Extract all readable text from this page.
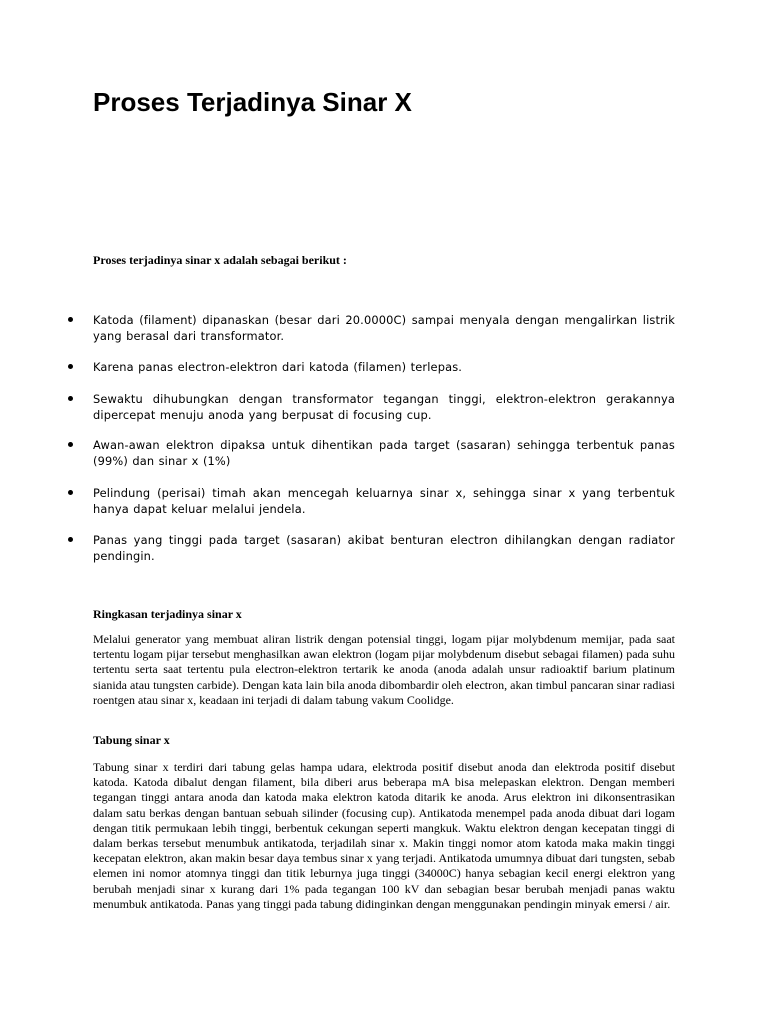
Proses Terjadinya Sinar X

Proses terjadinya sinar x adalah sebagai berikut :

Katoda (filament) dipanaskan (besar dari 20.0000C) sampai menyala dengan mengalirkan listrik yang berasal dari transformator.
Karena panas electron-elektron dari katoda (filamen) terlepas.
Sewaktu dihubungkan dengan transformator tegangan tinggi, elektron-elektron gerakannya dipercepat menuju anoda yang berpusat di focusing cup.
Awan-awan elektron dipaksa untuk dihentikan pada target (sasaran) sehingga terbentuk panas (99%) dan sinar x (1%)
Pelindung (perisai) timah akan mencegah keluarnya sinar x, sehingga sinar x yang terbentuk hanya dapat keluar melalui jendela.
Panas yang tinggi pada target (sasaran) akibat benturan electron dihilangkan dengan radiator pendingin.
Ringkasan terjadinya sinar x

Melalui generator yang membuat aliran listrik dengan potensial tinggi, logam pijar molybdenum memijar, pada saat tertentu logam pijar tersebut menghasilkan awan elektron (logam pijar molybdenum disebut sebagai filamen) pada suhu tertentu serta saat tertentu pula electron-elektron tertarik ke anoda (anoda adalah unsur radioaktif barium platinum sianida atau tungsten carbide). Dengan kata lain bila anoda dibombardir oleh electron, akan timbul pancaran sinar radiasi roentgen atau sinar x, keadaan ini terjadi di dalam tabung vakum Coolidge.

Tabung sinar x

Tabung sinar x terdiri dari tabung gelas hampa udara, elektroda positif disebut anoda dan elektroda positif disebut katoda. Katoda dibalut dengan filament, bila diberi arus beberapa mA bisa melepaskan elektron. Dengan memberi tegangan tinggi antara anoda dan katoda maka elektron katoda ditarik ke anoda. Arus elektron ini dikonsentrasikan dalam satu berkas dengan bantuan sebuah silinder (focusing cup). Antikatoda menempel pada anoda dibuat dari logam dengan titik permukaan lebih tinggi, berbentuk cekungan seperti mangkuk. Waktu elektron dengan kecepatan tinggi di dalam berkas tersebut menumbuk antikatoda, terjadilah sinar x. Makin tinggi nomor atom katoda maka makin tinggi kecepatan elektron, akan makin besar daya tembus sinar x yang terjadi. Antikatoda umumnya dibuat dari tungsten, sebab elemen ini nomor atomnya tinggi dan titik leburnya juga tinggi (34000C) hanya sebagian kecil energi elektron yang berubah menjadi sinar x kurang dari 1% pada tegangan 100 kV dan sebagian besar berubah menjadi panas waktu menumbuk antikatoda. Panas yang tinggi pada tabung didinginkan dengan menggunakan pendingin minyak emersi / air.
